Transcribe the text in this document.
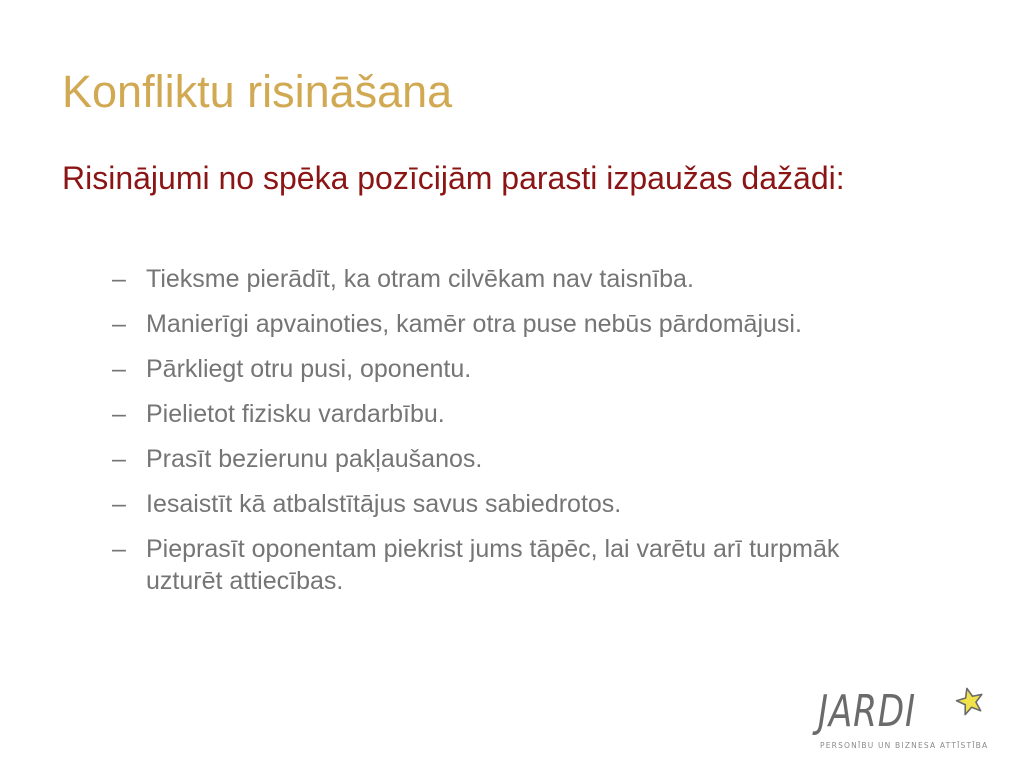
Konfliktu risināšana

Risinājumi no spēka pozīcijām parasti izpaužas dažādi:

– Tieksme pierādīt, ka otram cilvēkam nav taisnība.
– Manierīgi apvainoties, kamēr otra puse nebūs pārdomājusi.
– Pārkliegt otru pusi, oponentu.
– Pielietot fizisku vardarbību.
– Prasīt bezierunu pakļaušanos.
– Iesaistīt kā atbalstītājus savus sabiedrotos.
– Pieprasīt oponentam piekrist jums tāpēc, lai varētu arī turpmāk uzturēt attiecības.
JARDI
PERSONĪBU UN BIZNESA ATTĪSTĪBA
